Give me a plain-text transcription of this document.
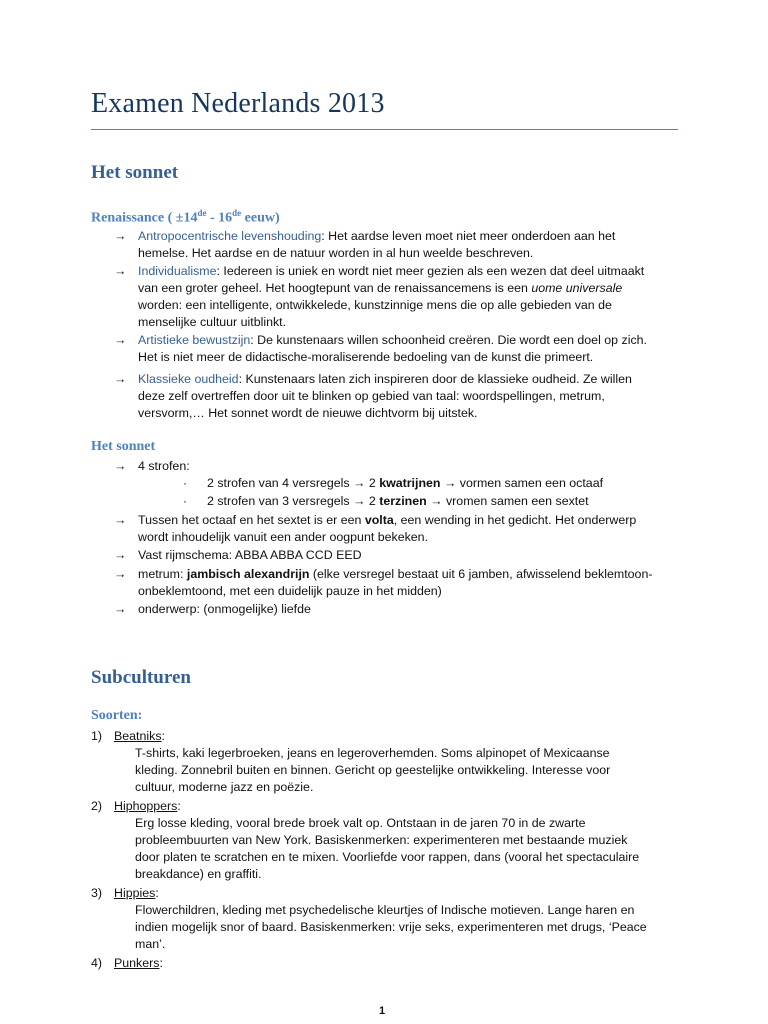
Examen Nederlands 2013
Het sonnet
Renaissance ( ±14de - 16de eeuw)
→ Antropocentrische levenshouding: Het aardse leven moet niet meer onderdoen aan het
hemelse. Het aardse en de natuur worden in al hun weelde beschreven.
→ Individualisme: Iedereen is uniek en wordt niet meer gezien als een wezen dat deel uitmaakt
van een groter geheel. Het hoogtepunt van de renaissancemens is een uome universale
worden: een intelligente, ontwikkelede, kunstzinnige mens die op alle gebieden van de
menselijke cultuur uitblinkt.
→ Artistieke bewustzijn: De kunstenaars willen schoonheid creëren. Die wordt een doel op zich.
Het is niet meer de didactische-moraliserende bedoeling van de kunst die primeert.
→ Klassieke oudheid: Kunstenaars laten zich inspireren door de klassieke oudheid. Ze willen
deze zelf overtreffen door uit te blinken op gebied van taal: woordspellingen, metrum,
versvorm,… Het sonnet wordt de nieuwe dichtvorm bij uitstek.
Het sonnet
→ 4 strofen:
· 2 strofen van 4 versregels → 2 kwatrijnen → vormen samen een octaaf
· 2 strofen van 3 versregels → 2 terzinen → vromen samen een sextet
→ Tussen het octaaf en het sextet is er een volta, een wending in het gedicht. Het onderwerp
wordt inhoudelijk vanuit een ander oogpunt bekeken.
→ Vast rijmschema: ABBA ABBA CCD EED
→ metrum: jambisch alexandrijn (elke versregel bestaat uit 6 jamben, afwisselend beklemtoon-
onbeklemtoond, met een duidelijk pauze in het midden)
→ onderwerp: (onmogelijke) liefde
Subculturen
Soorten:
1) Beatniks:
T-shirts, kaki legerbroeken, jeans en legeroverhemden. Soms alpinopet of Mexicaanse
kleding. Zonnebril buiten en binnen. Gericht op geestelijke ontwikkeling. Interesse voor
cultuur, moderne jazz en poëzie.
2) Hiphoppers:
Erg losse kleding, vooral brede broek valt op. Ontstaan in de jaren 70 in de zwarte
probleembuurten van New York. Basiskenmerken: experimenteren met bestaande muziek
door platen te scratchen en te mixen. Voorliefde voor rappen, dans (vooral het spectaculaire
breakdance) en graffiti.
3) Hippies:
Flowerchildren, kleding met psychedelische kleurtjes of Indische motieven. Lange haren en
indien mogelijk snor of baard. Basiskenmerken: vrije seks, experimenteren met drugs, ‘Peace
man’.
4) Punkers:
1
